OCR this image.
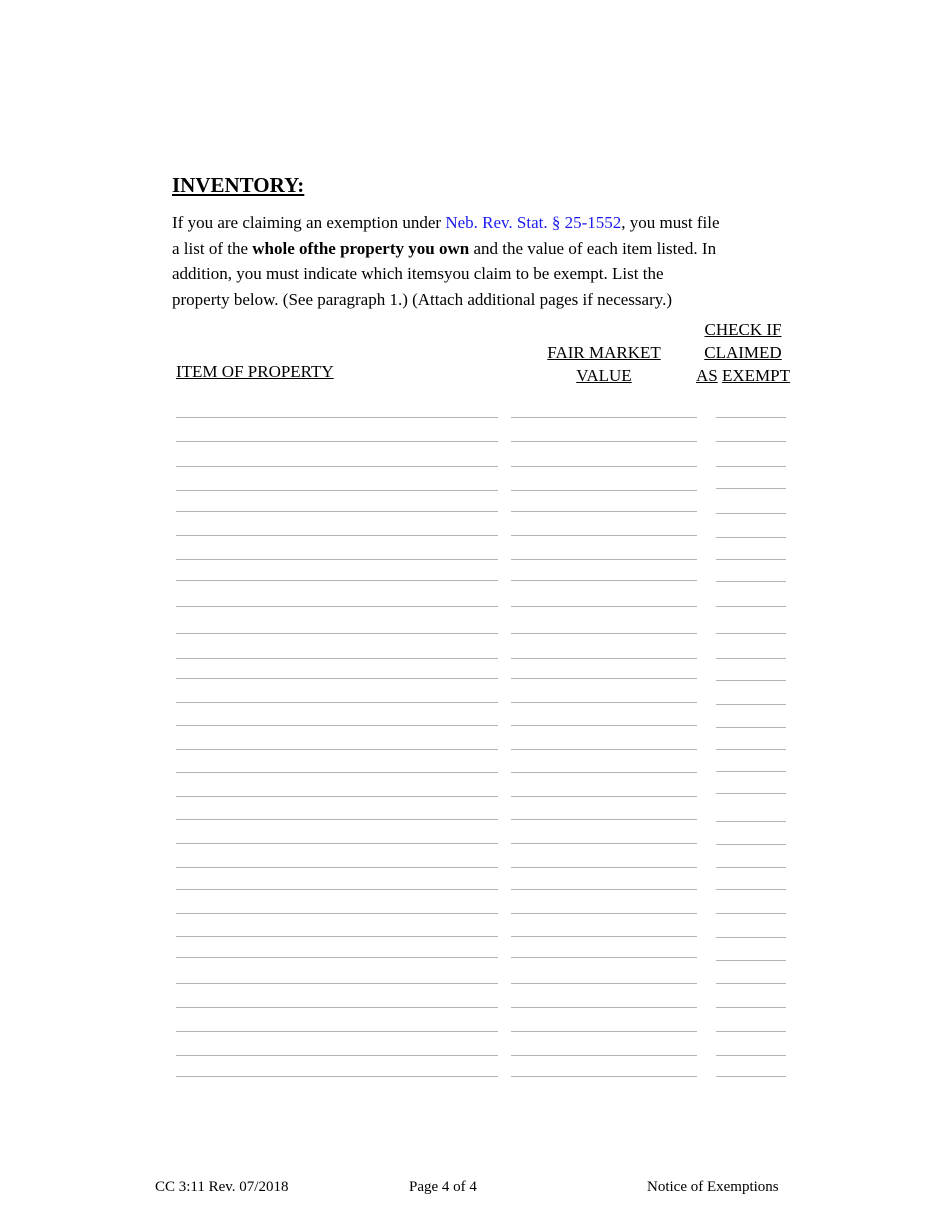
INVENTORY:
If you are claiming an exemption under Neb. Rev. Stat. § 25-1552, you must file
a list of the whole ofthe property you own and the value of each item listed. In
addition, you must indicate which itemsyou claim to be exempt. List the
property below. (See paragraph 1.) (Attach additional pages if necessary.)
ITEM OF PROPERTY
FAIR MARKET
VALUE
CHECK IF
CLAIMED
AS EXEMPT
CC 3:11 Rev. 07/2018	Page 4 of 4	Notice of Exemptions
